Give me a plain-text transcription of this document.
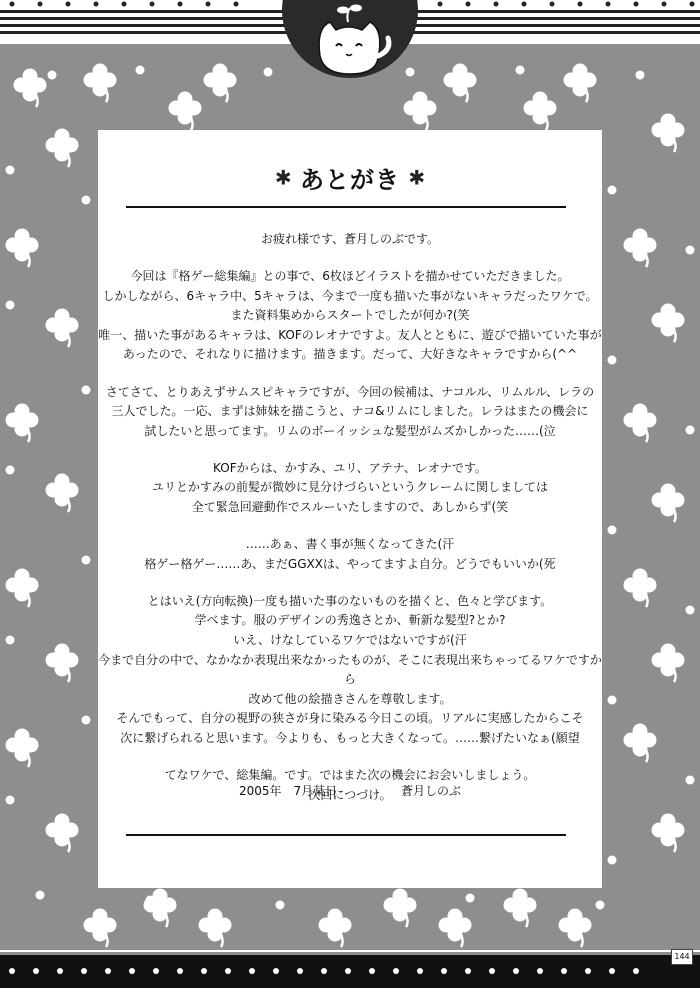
✱ あとがき ✱

お疲れ様です、蒼月しのぶです。

今回は『格ゲー総集編』との事で、6枚ほどイラストを描かせていただきました。

しかしながら、6キャラ中、5キャラは、今まで一度も描いた事がないキャラだったワケで。

また資料集めからスタートでしたが何か?(笑

唯一、描いた事があるキャラは、KOFのレオナですよ。友人とともに、遊びで描いていた事が

あったので、それなりに描けます。描きます。だって、大好きなキャラですから(^^

さてさて、とりあえずサムスピキャラですが、今回の候補は、ナコルル、リムルル、レラの

三人でした。一応、まずは姉妹を描こうと、ナコ&リムにしました。レラはまたの機会に

試したいと思ってます。リムのボーイッシュな髪型がムズかしかった……(泣

KOFからは、かすみ、ユリ、アテナ、レオナです。

ユリとかすみの前髪が微妙に見分けづらいというクレームに関しましては

全て緊急回避動作でスルーいたしますので、あしからず(笑

……あぁ、書く事が無くなってきた(汗

格ゲー格ゲー……あ、まだGGXXは、やってますよ自分。どうでもいいか(死

とはいえ(方向転換)一度も描いた事のないものを描くと、色々と学びます。

学べます。服のデザインの秀逸さとか、斬新な髪型?とか?

いえ、けなしているワケではないですが(汗

今まで自分の中で、なかなか表現出来なかったものが、そこに表現出来ちゃってるワケですから

改めて他の絵描きさんを尊敬します。

そんでもって、自分の視野の狭さが身に染みる今日この頃。リアルに実感したからこそ

次に繋げられると思います。今よりも、もっと大きくなって。……繋げたいなぁ(願望

てなワケで、総集編。です。ではまた次の機会にお会いしましょう。

次回につづけ。

2005年　7月某日	蒼月しのぶ
144
